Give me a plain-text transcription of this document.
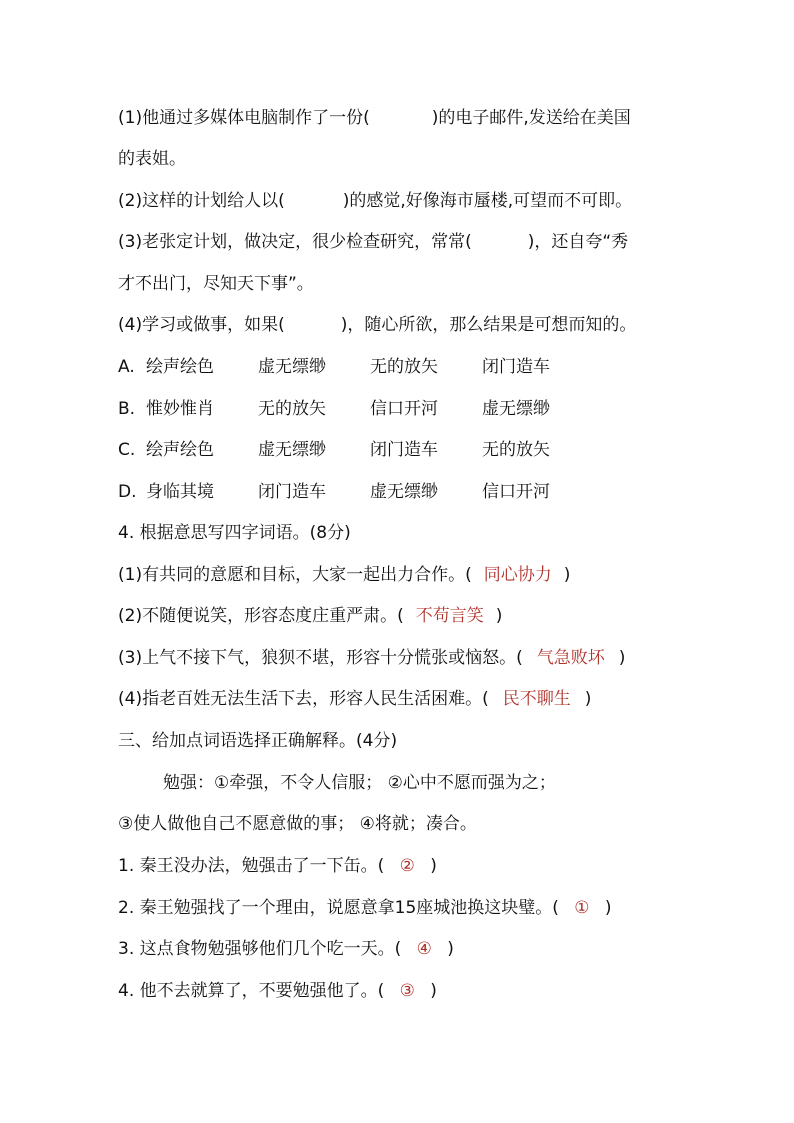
(1)他通过多媒体电脑制作了一份(	)的电子邮件,发送给在美国
的表姐。
(2)这样的计划给人以(	)的感觉,好像海市蜃楼,可望而不可即。
(3)老张定计划，做决定，很少检查研究，常常(	)，还自夸“秀
才不出门，尽知天下事”。
(4)学习或做事，如果(	)，随心所欲，那么结果是可想而知的。
A. 绘声绘色	虚无缥缈	无的放矢	闭门造车
B. 惟妙惟肖	无的放矢	信口开河	虚无缥缈
C. 绘声绘色	虚无缥缈	闭门造车	无的放矢
D. 身临其境	闭门造车	虚无缥缈	信口开河
4. 根据意思写四字词语。(8分)
(1)有共同的意愿和目标，大家一起出力合作。( 同心协力 )
(2)不随便说笑，形容态度庄重严肃。( 不苟言笑 )
(3)上气不接下气，狼狈不堪，形容十分慌张或恼怒。( 气急败坏 )
(4)指老百姓无法生活下去，形容人民生活困难。( 民不聊生 )
三、给加点词语选择正确解释。(4分)
勉强：①牵强，不令人信服； ②心中不愿而强为之；
③使人做他自己不愿意做的事； ④将就；凑合。
1. 秦王没办法，勉强击了一下缶。( ② )
2. 秦王勉强找了一个理由，说愿意拿15座城池换这块璧。( ① )
3. 这点食物勉强够他们几个吃一天。( ④ )
4. 他不去就算了，不要勉强他了。( ③ )
